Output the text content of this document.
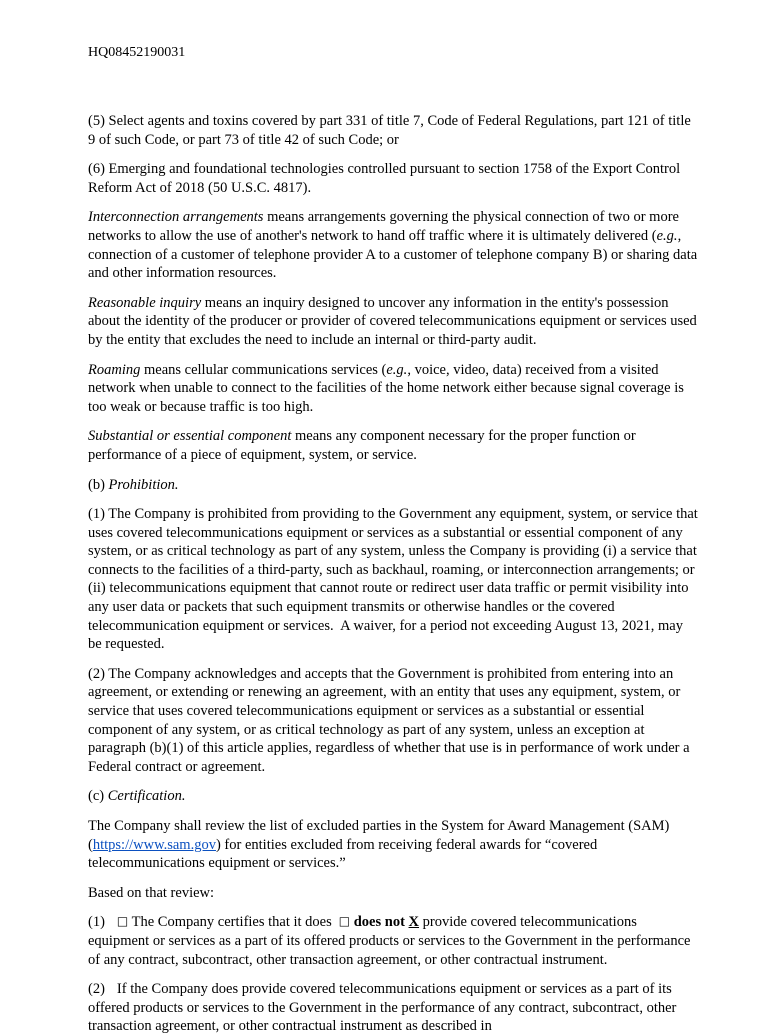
HQ08452190031

(5) Select agents and toxins covered by part 331 of title 7, Code of Federal Regulations, part 121 of title 9 of such Code, or part 73 of title 42 of such Code; or

(6) Emerging and foundational technologies controlled pursuant to section 1758 of the Export Control Reform Act of 2018 (50 U.S.C. 4817).

Interconnection arrangements means arrangements governing the physical connection of two or more networks to allow the use of another's network to hand off traffic where it is ultimately delivered (e.g., connection of a customer of telephone provider A to a customer of telephone company B) or sharing data and other information resources.

Reasonable inquiry means an inquiry designed to uncover any information in the entity's possession about the identity of the producer or provider of covered telecommunications equipment or services used by the entity that excludes the need to include an internal or third-party audit.

Roaming means cellular communications services (e.g., voice, video, data) received from a visited network when unable to connect to the facilities of the home network either because signal coverage is too weak or because traffic is too high.

Substantial or essential component means any component necessary for the proper function or performance of a piece of equipment, system, or service.

(b) Prohibition.

(1) The Company is prohibited from providing to the Government any equipment, system, or service that uses covered telecommunications equipment or services as a substantial or essential component of any system, or as critical technology as part of any system, unless the Company is providing (i) a service that connects to the facilities of a third-party, such as backhaul, roaming, or interconnection arrangements; or (ii) telecommunications equipment that cannot route or redirect user data traffic or permit visibility into any user data or packets that such equipment transmits or otherwise handles or the covered telecommunication equipment or services.  A waiver, for a period not exceeding August 13, 2021, may be requested.

(2) The Company acknowledges and accepts that the Government is prohibited from entering into an agreement, or extending or renewing an agreement, with an entity that uses any equipment, system, or service that uses covered telecommunications equipment or services as a substantial or essential component of any system, or as critical technology as part of any system, unless an exception at paragraph (b)(1) of this article applies, regardless of whether that use is in performance of work under a Federal contract or agreement.

(c) Certification.

The Company shall review the list of excluded parties in the System for Award Management (SAM) (https://www.sam.gov) for entities excluded from receiving federal awards for “covered telecommunications equipment or services.”

Based on that review:

(1) □ The Company certifies that it does □ does not X provide covered telecommunications equipment or services as a part of its offered products or services to the Government in the performance of any contract, subcontract, other transaction agreement, or other contractual instrument.

(2) If the Company does provide covered telecommunications equipment or services as a part of its offered products or services to the Government in the performance of any contract, subcontract, other transaction agreement, or other contractual instrument as described in
